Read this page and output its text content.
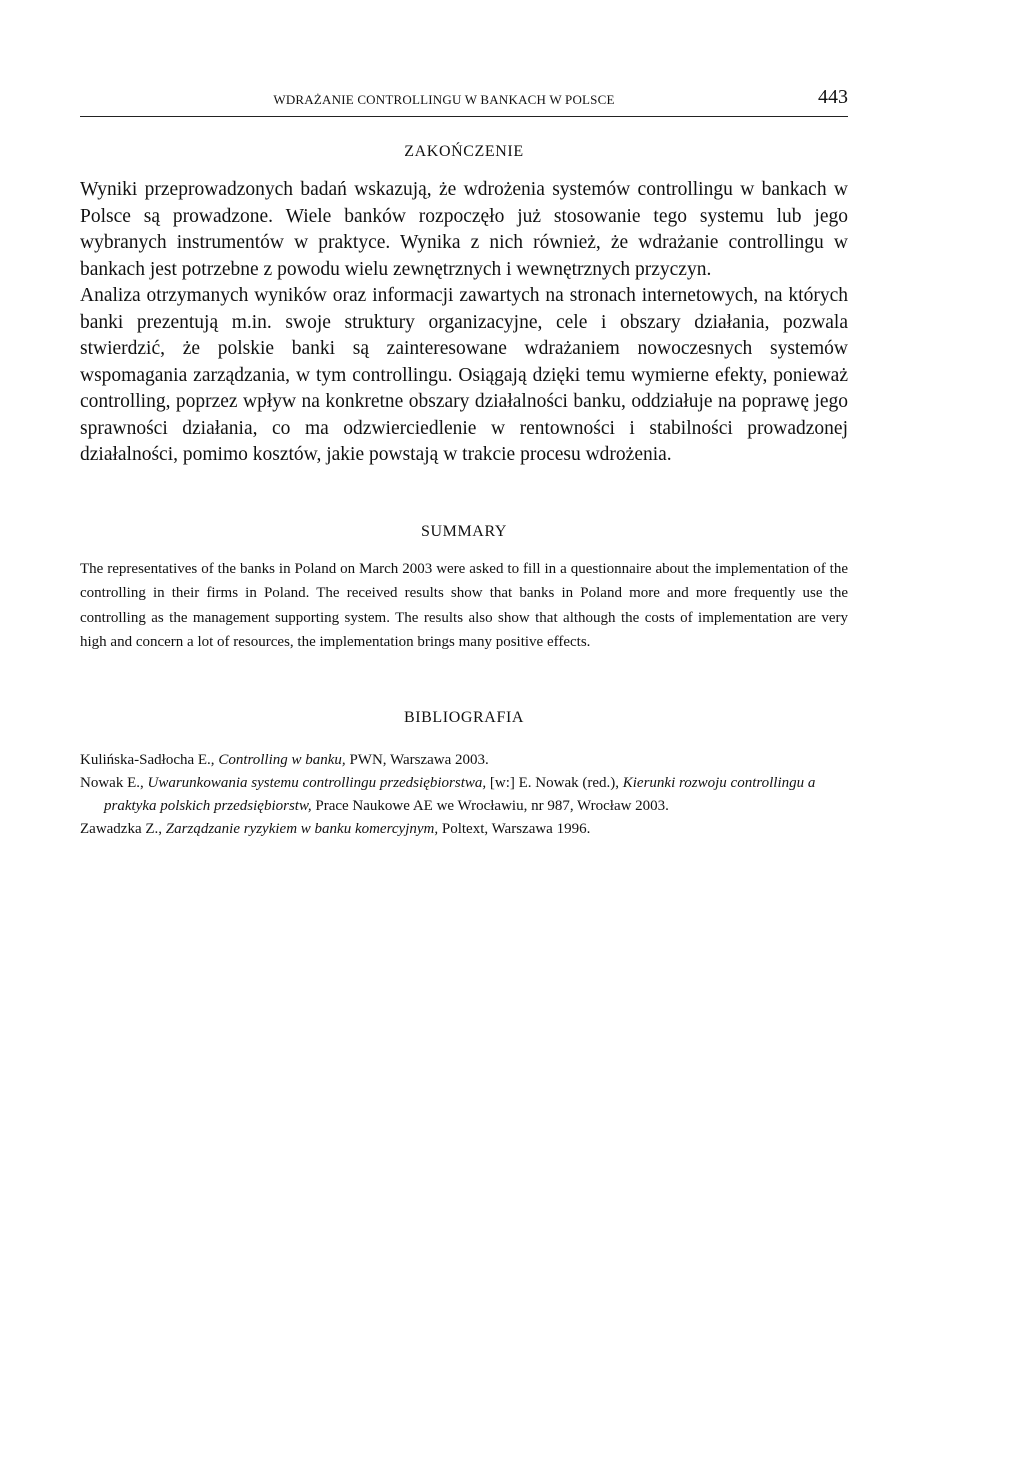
WDRAŻANIE CONTROLLINGU W BANKACH W POLSCE	443
ZAKOŃCZENIE

Wyniki przeprowadzonych badań wskazują, że wdrożenia systemów controllingu w bankach w Polsce są prowadzone. Wiele banków rozpoczęło już stosowanie tego systemu lub jego wybranych instrumentów w praktyce. Wynika z nich również, że wdrażanie controllingu w bankach jest potrzebne z powodu wielu zewnętrznych i wewnętrznych przyczyn.

Analiza otrzymanych wyników oraz informacji zawartych na stronach internetowych, na których banki prezentują m.in. swoje struktury organizacyjne, cele i obszary działania, pozwala stwierdzić, że polskie banki są zainteresowane wdrażaniem nowoczesnych systemów wspomagania zarządzania, w tym controllingu. Osiągają dzięki temu wymierne efekty, ponieważ controlling, poprzez wpływ na konkretne obszary działalności banku, oddziałuje na poprawę jego sprawności działania, co ma odzwierciedlenie w rentowności i stabilności prowadzonej działalności, pomimo kosztów, jakie powstają w trakcie procesu wdrożenia.

SUMMARY

The representatives of the banks in Poland on March 2003 were asked to fill in a questionnaire about the implementation of the controlling in their firms in Poland. The received results show that banks in Poland more and more frequently use the controlling as the management supporting system. The results also show that although the costs of implementation are very high and concern a lot of resources, the implementation brings many positive effects.

BIBLIOGRAFIA
Kulińska-Sadłocha E., Controlling w banku, PWN, Warszawa 2003.
Nowak E., Uwarunkowania systemu controllingu przedsiębiorstwa, [w:] E. Nowak (red.), Kierunki rozwoju controllingu a praktyka polskich przedsiębiorstw, Prace Naukowe AE we Wrocławiu, nr 987, Wrocław 2003.
Zawadzka Z., Zarządzanie ryzykiem w banku komercyjnym, Poltext, Warszawa 1996.
